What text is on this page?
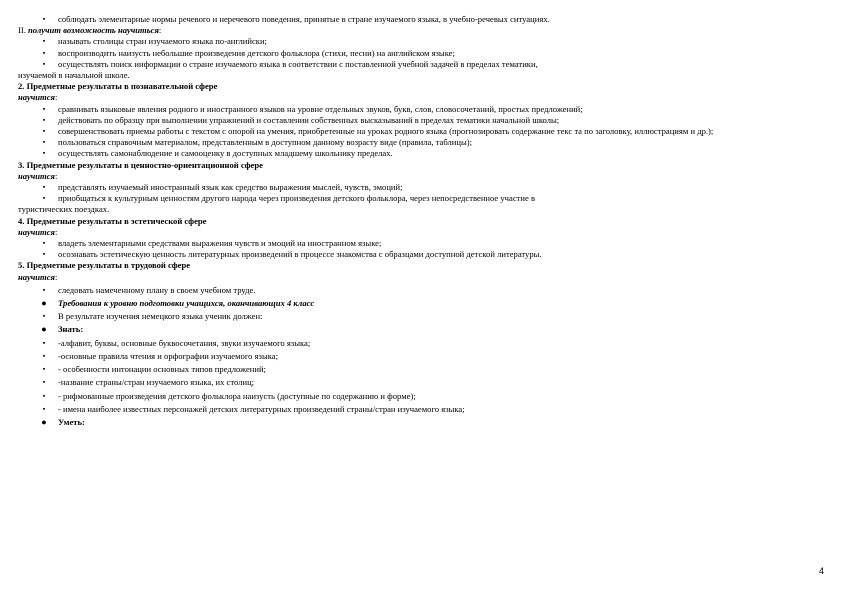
▪	соблюдать элементарные нормы речевого и неречевого поведения, принятые в стране изучаемого языка, в учебно-речевых ситуациях.
II. получит возможность научиться:
▪	называть столицы стран изучаемого языка по-английски;
▪	воспроизводить наизусть небольшие произведения детского фольклора (стихи, песни) на английском языке;
▪	осуществлять поиск информации о стране изучаемого языка в соответствии с поставленной учебной задачей в пределах тематики,
изучаемой в начальной школе.
2. Предметные результаты в познавательной сфере
научится:
▪	сравнивать языковые явления родного и иностранного языков на уровне отдельных звуков, букв, слов, словосочетаний, простых предложений;
▪	действовать по образцу при выполнении упражнений и составлении собственных высказываний в пределах тематики начальной школы;
▪	совершенствовать приемы работы с текстом с опорой на умения, приобретенные на уроках родного языка (прогнозировать содержание текс та по заголовку, иллюстрациям и др.);
▪	пользоваться справочным материалом, представленным в доступном данному возрасту виде (правила, таблицы);
▪	осуществлять самонаблюдение и самооценку в доступных младшему школьнику пределах.
3. Предметные результаты в ценностно-ориентационной сфере
научится:
▪	представлять изучаемый иностранный язык как средство выражения мыслей, чувств, эмоций;
▪	приобщаться к культурным ценностям другого народа через произведения детского фольклора, через непосредственное участие в
туристических поездках.
4. Предметные результаты в эстетической сфере
научится:
▪	владеть элементарными средствами выражения чувств и эмоций на иностранном языке;
▪	осознавать эстетическую ценность литературных произведений в процессе знакомства с образцами доступной детской литературы.
5. Предметные результаты в трудовой сфере
научится:
▪	следовать намеченному плану в своем учебном труде.
●	Требования к уровню подготовки учащихся, оканчивающих 4 класс
▪	В результате изучения немецкого языка ученик должен:
●	Знать:
▪	-алфавит, буквы, основные буквосочетания, звуки изучаемого языка;
▪	-основные правила чтения и орфографии изучаемого языка;
▪	- особенности интонации основных типов предложений;
▪	-название страны/стран изучаемого языка, их столиц;
▪	- рифмованные произведения детского фольклора наизусть (доступные по содержанию и форме);
▪	- имена наиболее известных персонажей детских литературных произведений страны/стран изучаемого языка;
●	Уметь:
4
